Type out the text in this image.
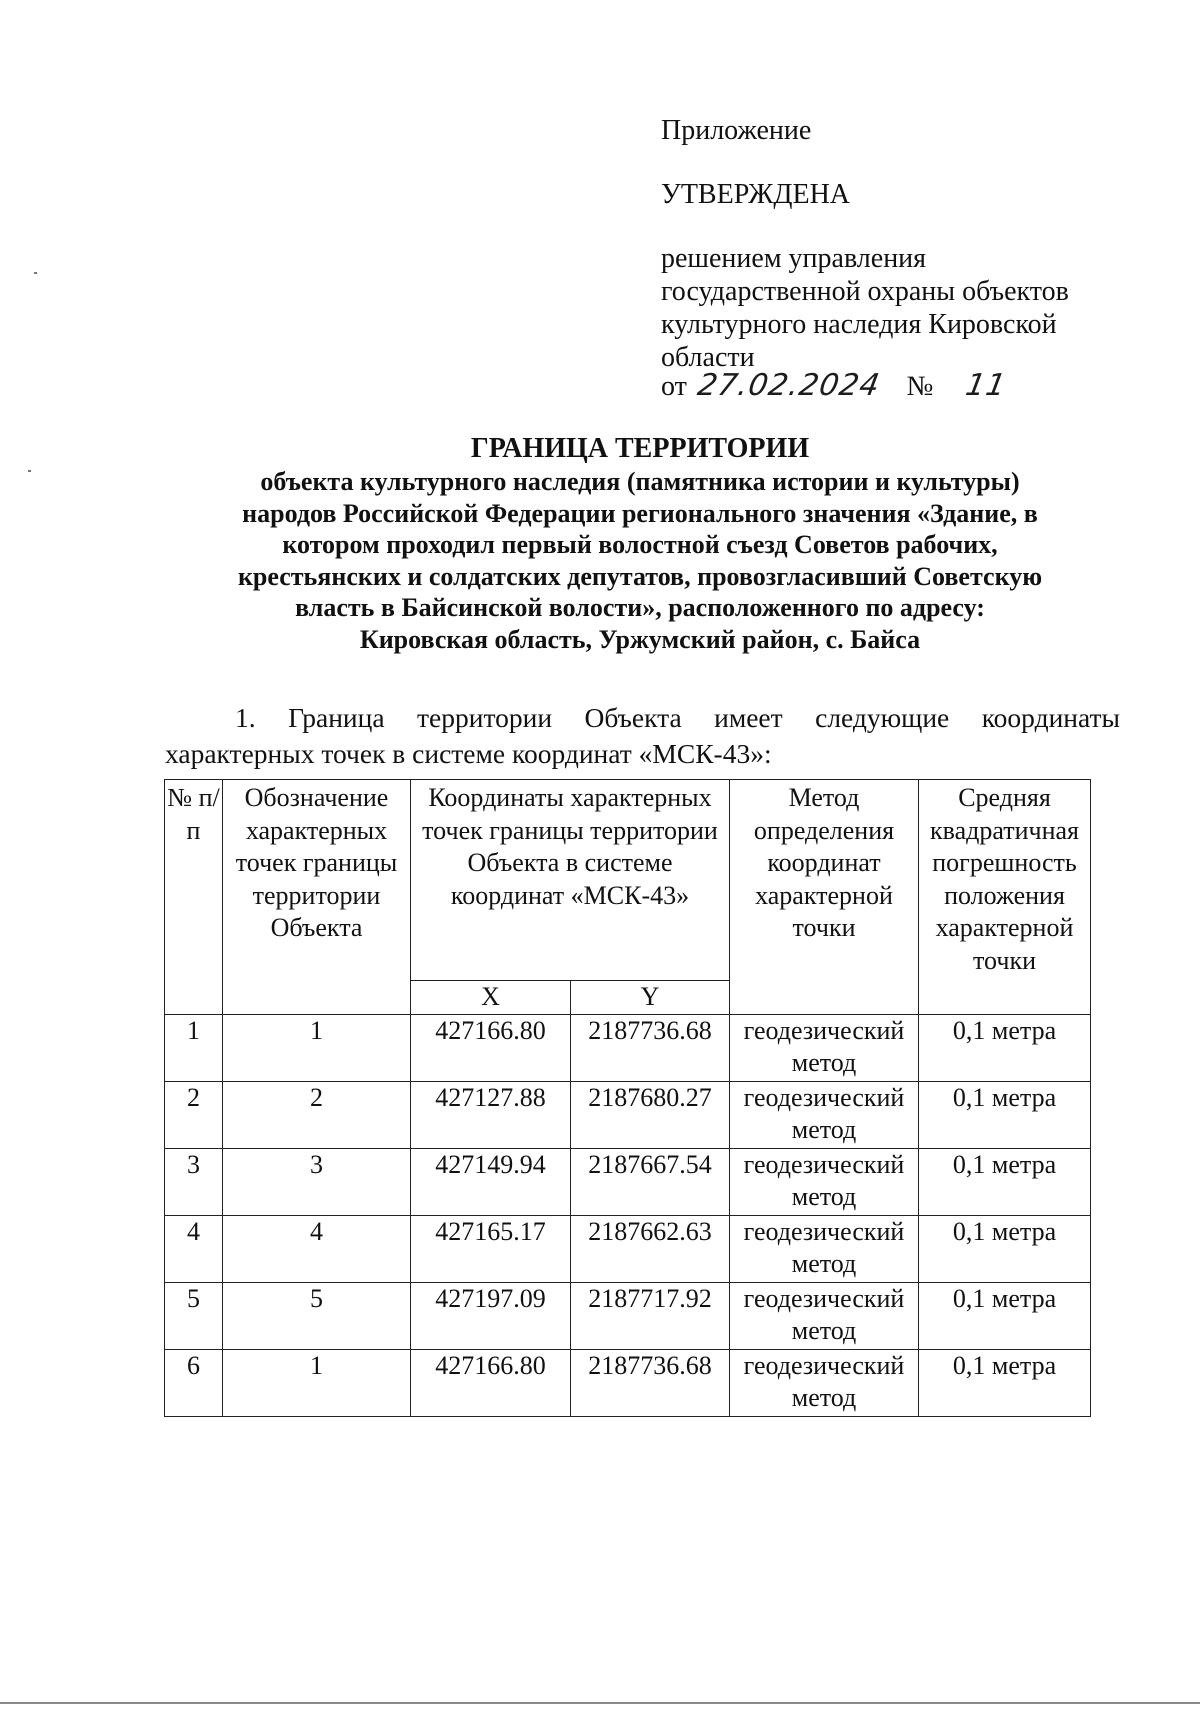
Приложение

УТВЕРЖДЕНА

решением управления государственной охраны объектов культурного наследия Кировской области

от 27.02.2024 № 11

ГРАНИЦА ТЕРРИТОРИИ

объекта культурного наследия (памятника истории и культуры)

народов Российской Федерации регионального значения «Здание, в

котором проходил первый волостной съезд Советов рабочих,

крестьянских и солдатских депутатов, провозгласивший Советскую

власть в Байсинской волости», расположенного по адресу:

Кировская область, Уржумский район, с. Байса

1. Граница территории Объекта имеет следующие координаты

характерных точек в системе координат «МСК-43»:

№ п/п	Обозначение характерных точек границы территории Объекта	Координаты характерных точек границы территории Объекта в системе координат «МСК-43»		Метод определения координат характерной точки	Средняя квадратичная погрешность положения характерной точки
		X	Y		
1	1	427166.80	2187736.68	геодезический метод	0,1 метра
2	2	427127.88	2187680.27	геодезический метод	0,1 метра
3	3	427149.94	2187667.54	геодезический метод	0,1 метра
4	4	427165.17	2187662.63	геодезический метод	0,1 метра
5	5	427197.09	2187717.92	геодезический метод	0,1 метра
6	1	427166.80	2187736.68	геодезический метод	0,1 метра
